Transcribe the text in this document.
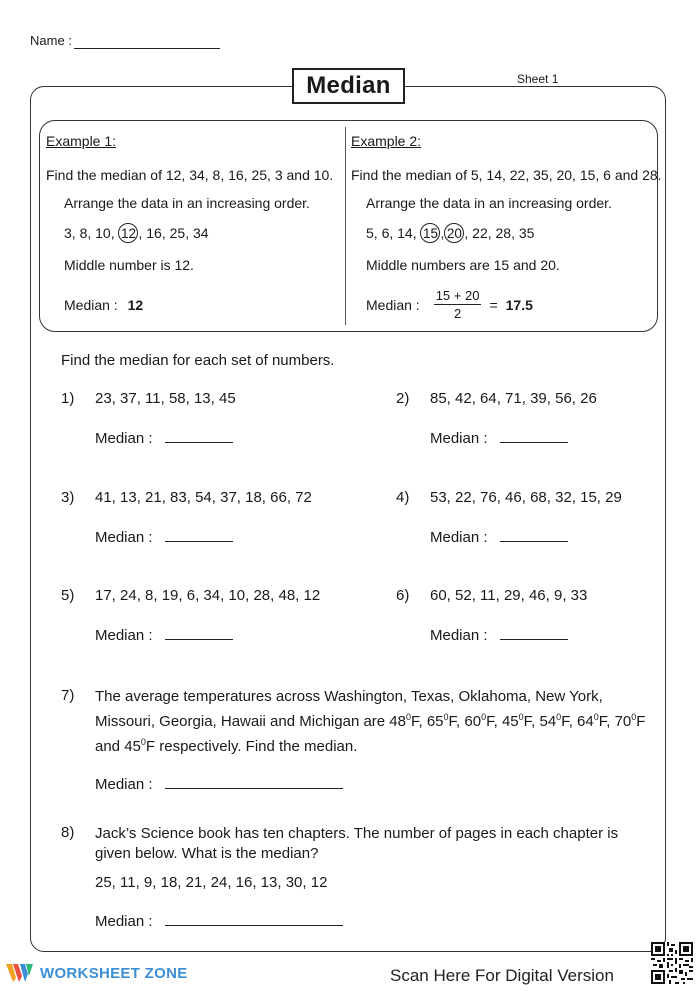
Name :
Median	Sheet 1
Example 1:
Find the median of 12, 34, 8, 16, 25, 3 and 10.
Arrange the data in an increasing order.
3, 8, 10, 12 , 16, 25, 34
Middle number is 12.
Median : 12
Example 2:
Find the median of 5, 14, 22, 35, 20, 15, 6 and 28.
Arrange the data in an increasing order.
5, 6, 14, 15 , 20 , 22, 28, 35
Middle numbers are 15 and 20.
Median : $\frac{15 + 20}{2} = 17.5$
Find the median for each set of numbers.
1) 23, 37, 11, 58, 13, 45
Median :
2) 85, 42, 64, 71, 39, 56, 26
Median :
3) 41, 13, 21, 83, 54, 37, 18, 66, 72
Median :
4) 53, 22, 76, 46, 68, 32, 15, 29
Median :
5) 17, 24, 8, 19, 6, 34, 10, 28, 48, 12
Median :
6) 60, 52, 11, 29, 46, 9, 33
Median :
7) The average temperatures across Washington, Texas, Oklahoma, New York, Missouri, Georgia, Hawaii and Michigan are $48^0F$, $65^0F$, $60^0F$, $45^0F$, $54^0F$, $64^0F$, $70^0F$ and $45^0F$ respectively. Find the median.
Median :
8) Jack’s Science book has ten chapters. The number of pages in each chapter is given below. What is the median?
25, 11, 9, 18, 21, 24, 16, 13, 30, 12
Median :
WORKSHEET ZONE	Scan Here For Digital Version
